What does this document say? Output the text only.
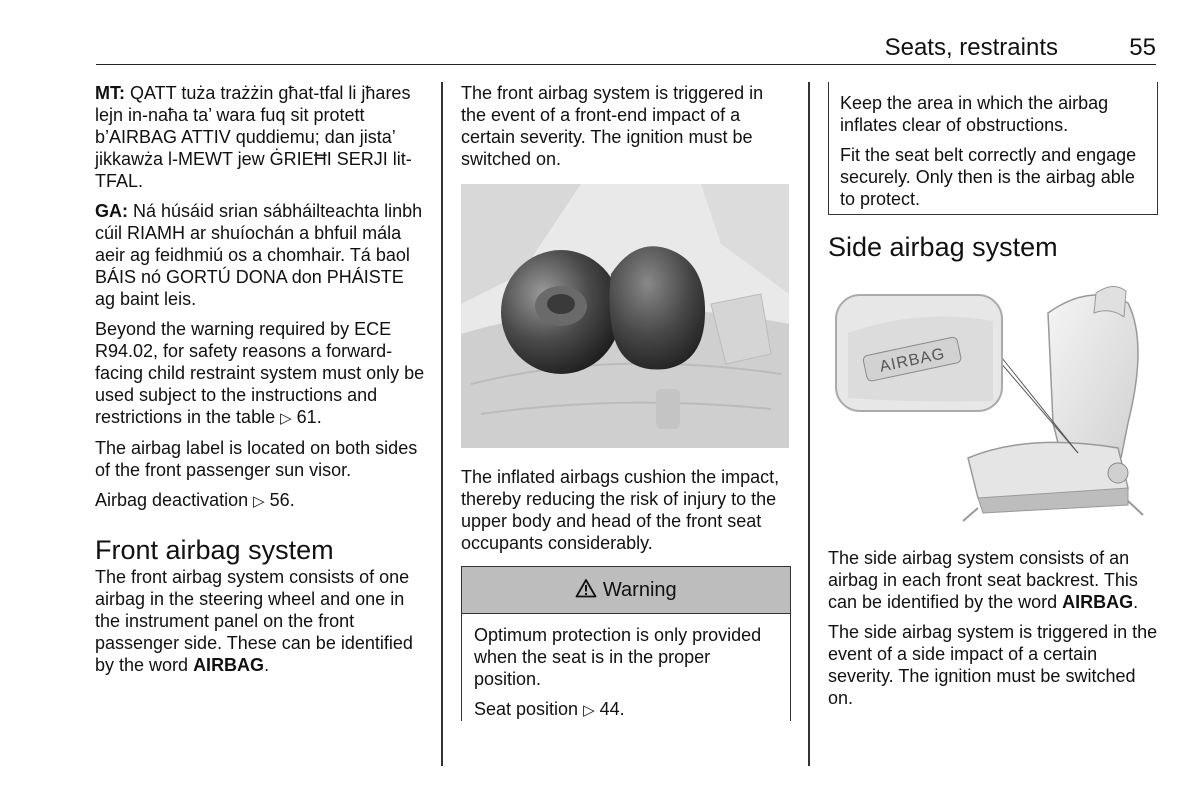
Seats, restraints	55

MT: QATT tuża trażżin għat-tfal li jħares lejn in-naħa ta’ wara fuq sit protett b’AIRBAG ATTIV quddiemu; dan jista’ jikkawża l-MEWT jew ĠRIEĦI SERJI lit-TFAL.

GA: Ná húsáid srian sábháilteachta linbh cúil RIAMH ar shuíochán a bhfuil mála aeir ag feidhmiú os a chomhair. Tá baol BÁIS nó GORTÚ DONA don PHÁISTE ag baint leis.

Beyond the warning required by ECE R94.02, for safety reasons a forward-facing child restraint system must only be used subject to the instructions and restrictions in the table ▷ 61.

The airbag label is located on both sides of the front passenger sun visor.

Airbag deactivation ▷ 56.

Front airbag system

The front airbag system consists of one airbag in the steering wheel and one in the instrument panel on the front passenger side. These can be identified by the word AIRBAG.

The front airbag system is triggered in the event of a front-end impact of a certain severity. The ignition must be switched on.

The inflated airbags cushion the impact, thereby reducing the risk of injury to the upper body and head of the front seat occupants considerably.

Warning

Optimum protection is only provided when the seat is in the proper position.

Seat position ▷ 44.

Keep the area in which the airbag inflates clear of obstructions.

Fit the seat belt correctly and engage securely. Only then is the airbag able to protect.

Side airbag system
AIRBAG

The side airbag system consists of an airbag in each front seat backrest. This can be identified by the word AIRBAG.

The side airbag system is triggered in the event of a side impact of a certain severity. The ignition must be switched on.
